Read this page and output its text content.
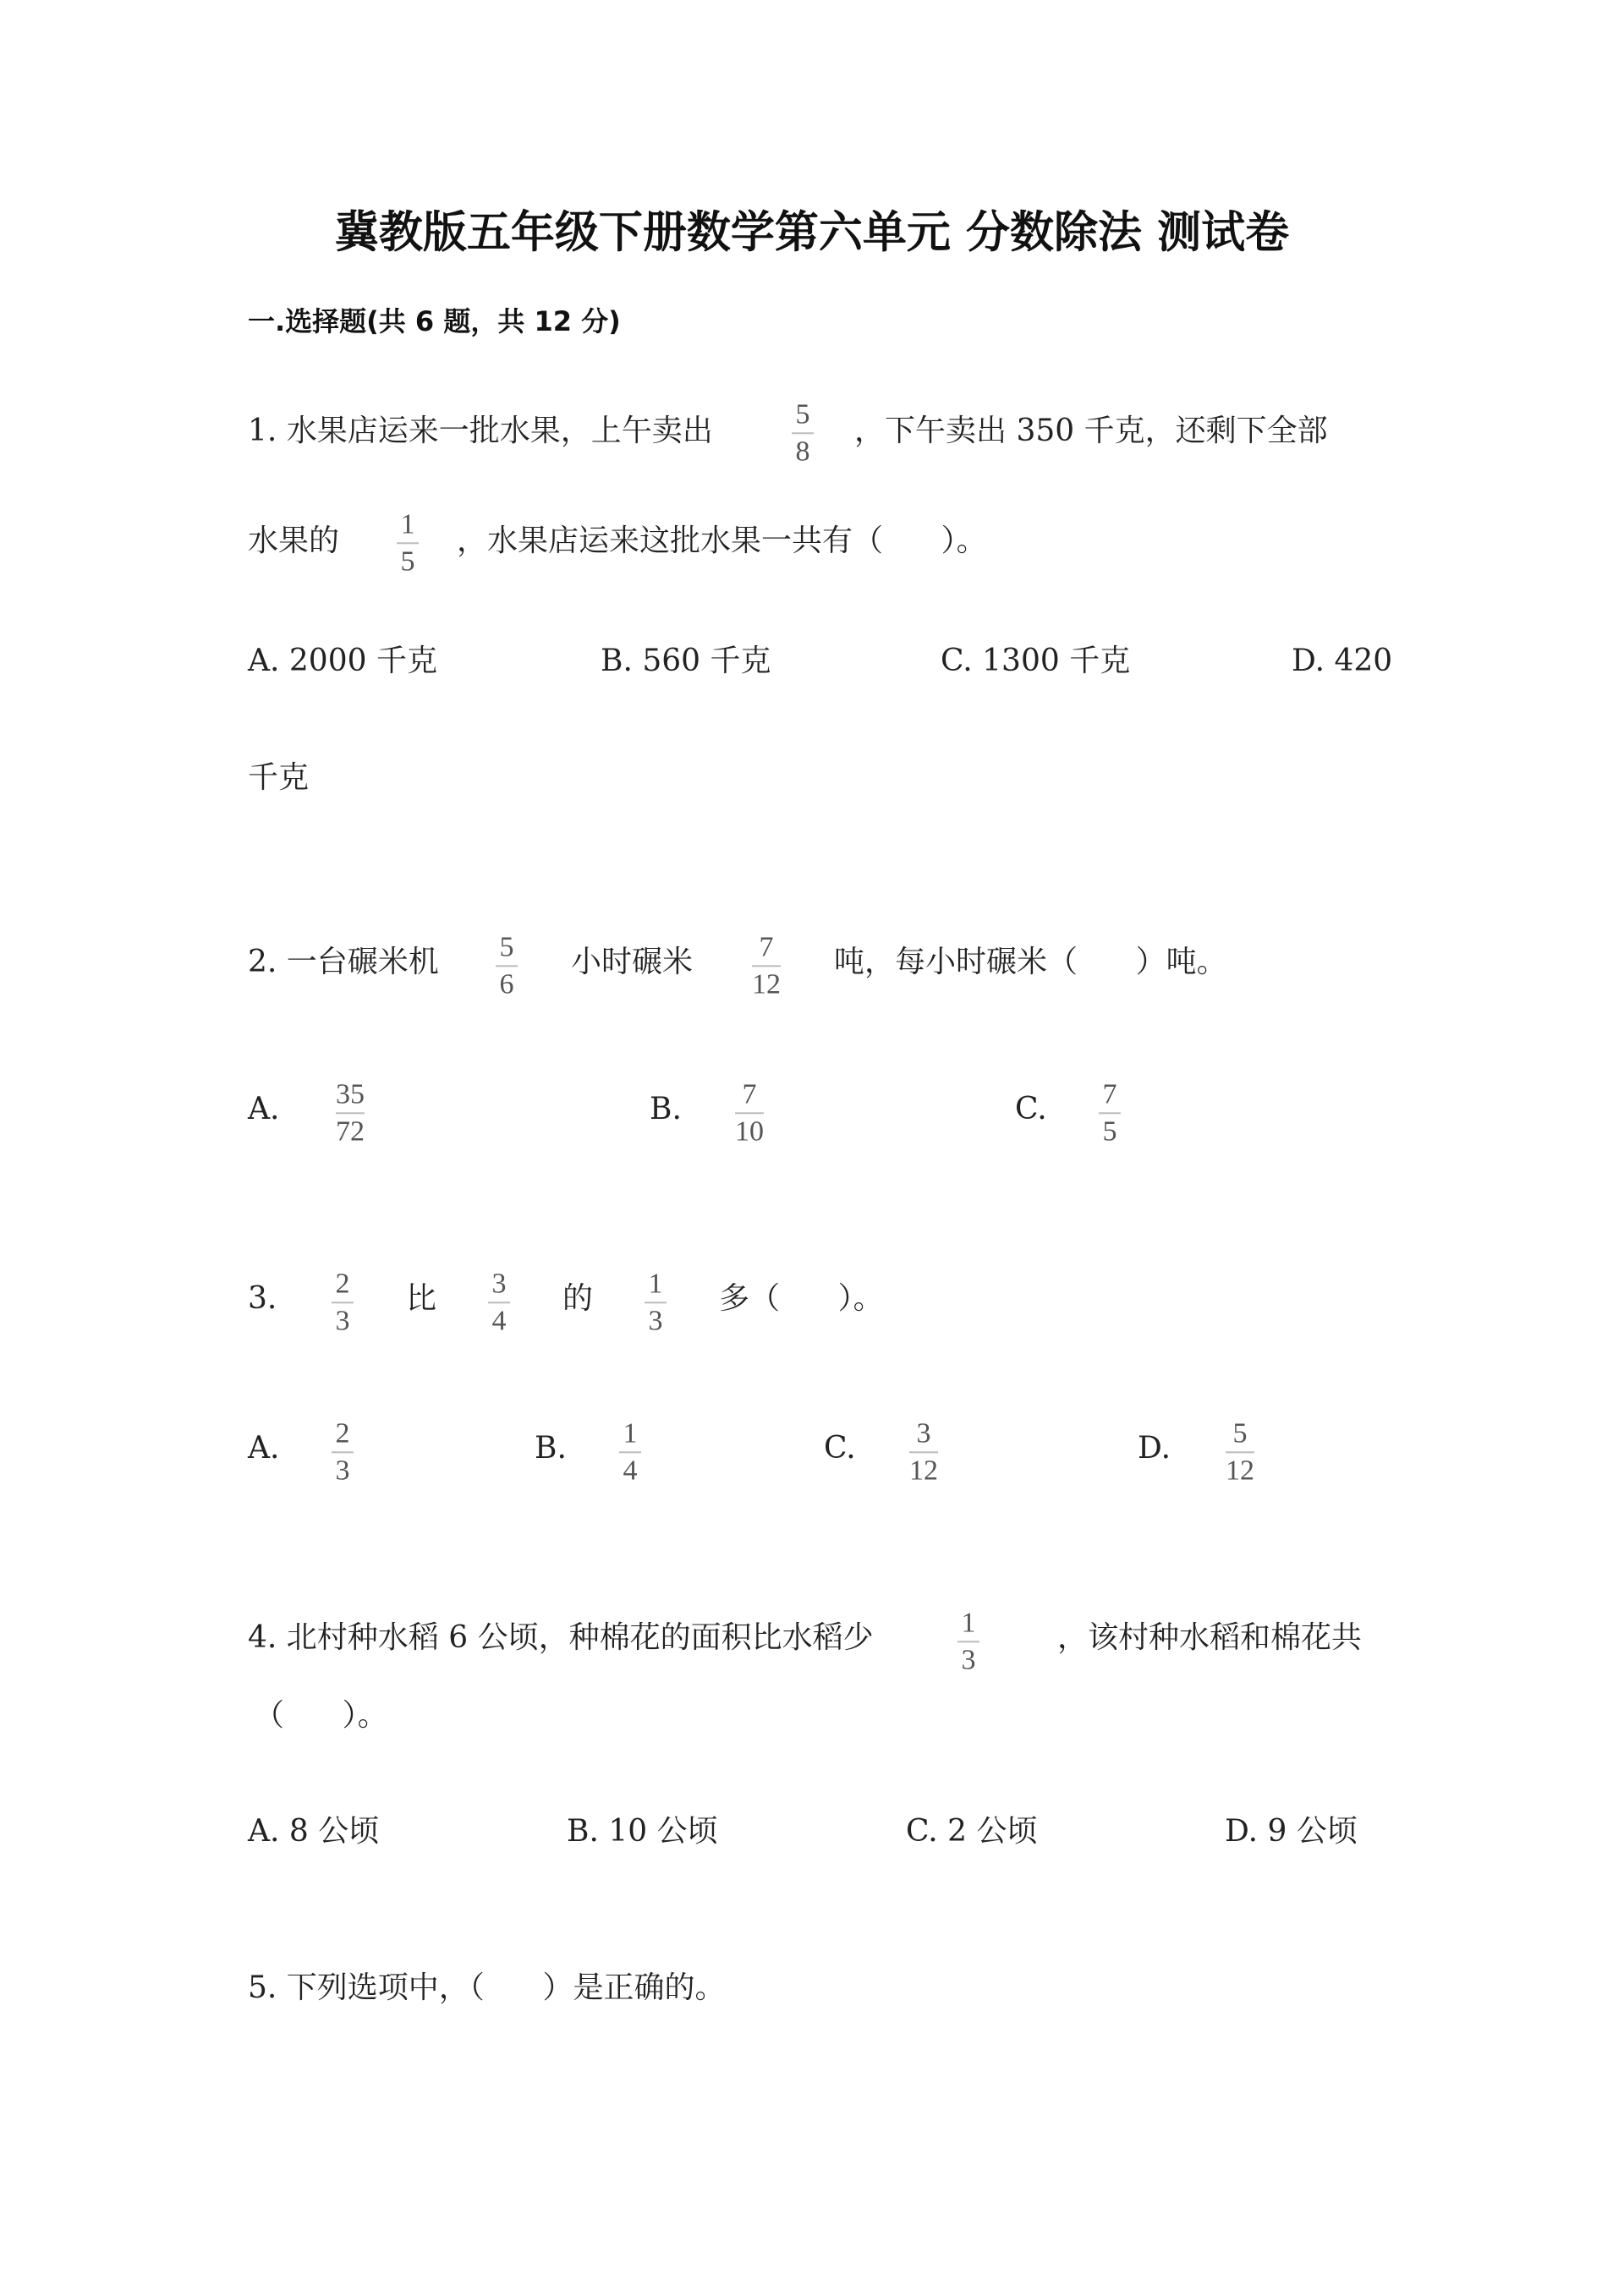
冀教版五年级下册数学第六单元 分数除法 测试卷
一.选择题(共 6 题，共 12 分)
1. 水果店运来一批水果，上午卖出	5
8
，下午卖出 350 千克，还剩下全部
水果的 1
5
，水果店运来这批水果一共有（      ）。
A. 2000 千克	B. 560 千克	C. 1300 千克	D. 420
千克
2. 一台碾米机 5
6
小时碾米 7
12
吨，每小时碾米（      ）吨。
A. 35
72
B. 7
10
C. 7
5
3. 2
3
比 3
4
的 1
3
多（      ）。
A. 2
3
B. 1
4
C. 3
12
D. 5
12
4. 北村种水稻 6 公顷，种棉花的面积比水稻少	1
3
，该村种水稻和棉花共
（      ）。
A. 8 公顷	B. 10 公顷	C. 2 公顷	D. 9 公顷
5. 下列选项中，（      ）是正确的。
